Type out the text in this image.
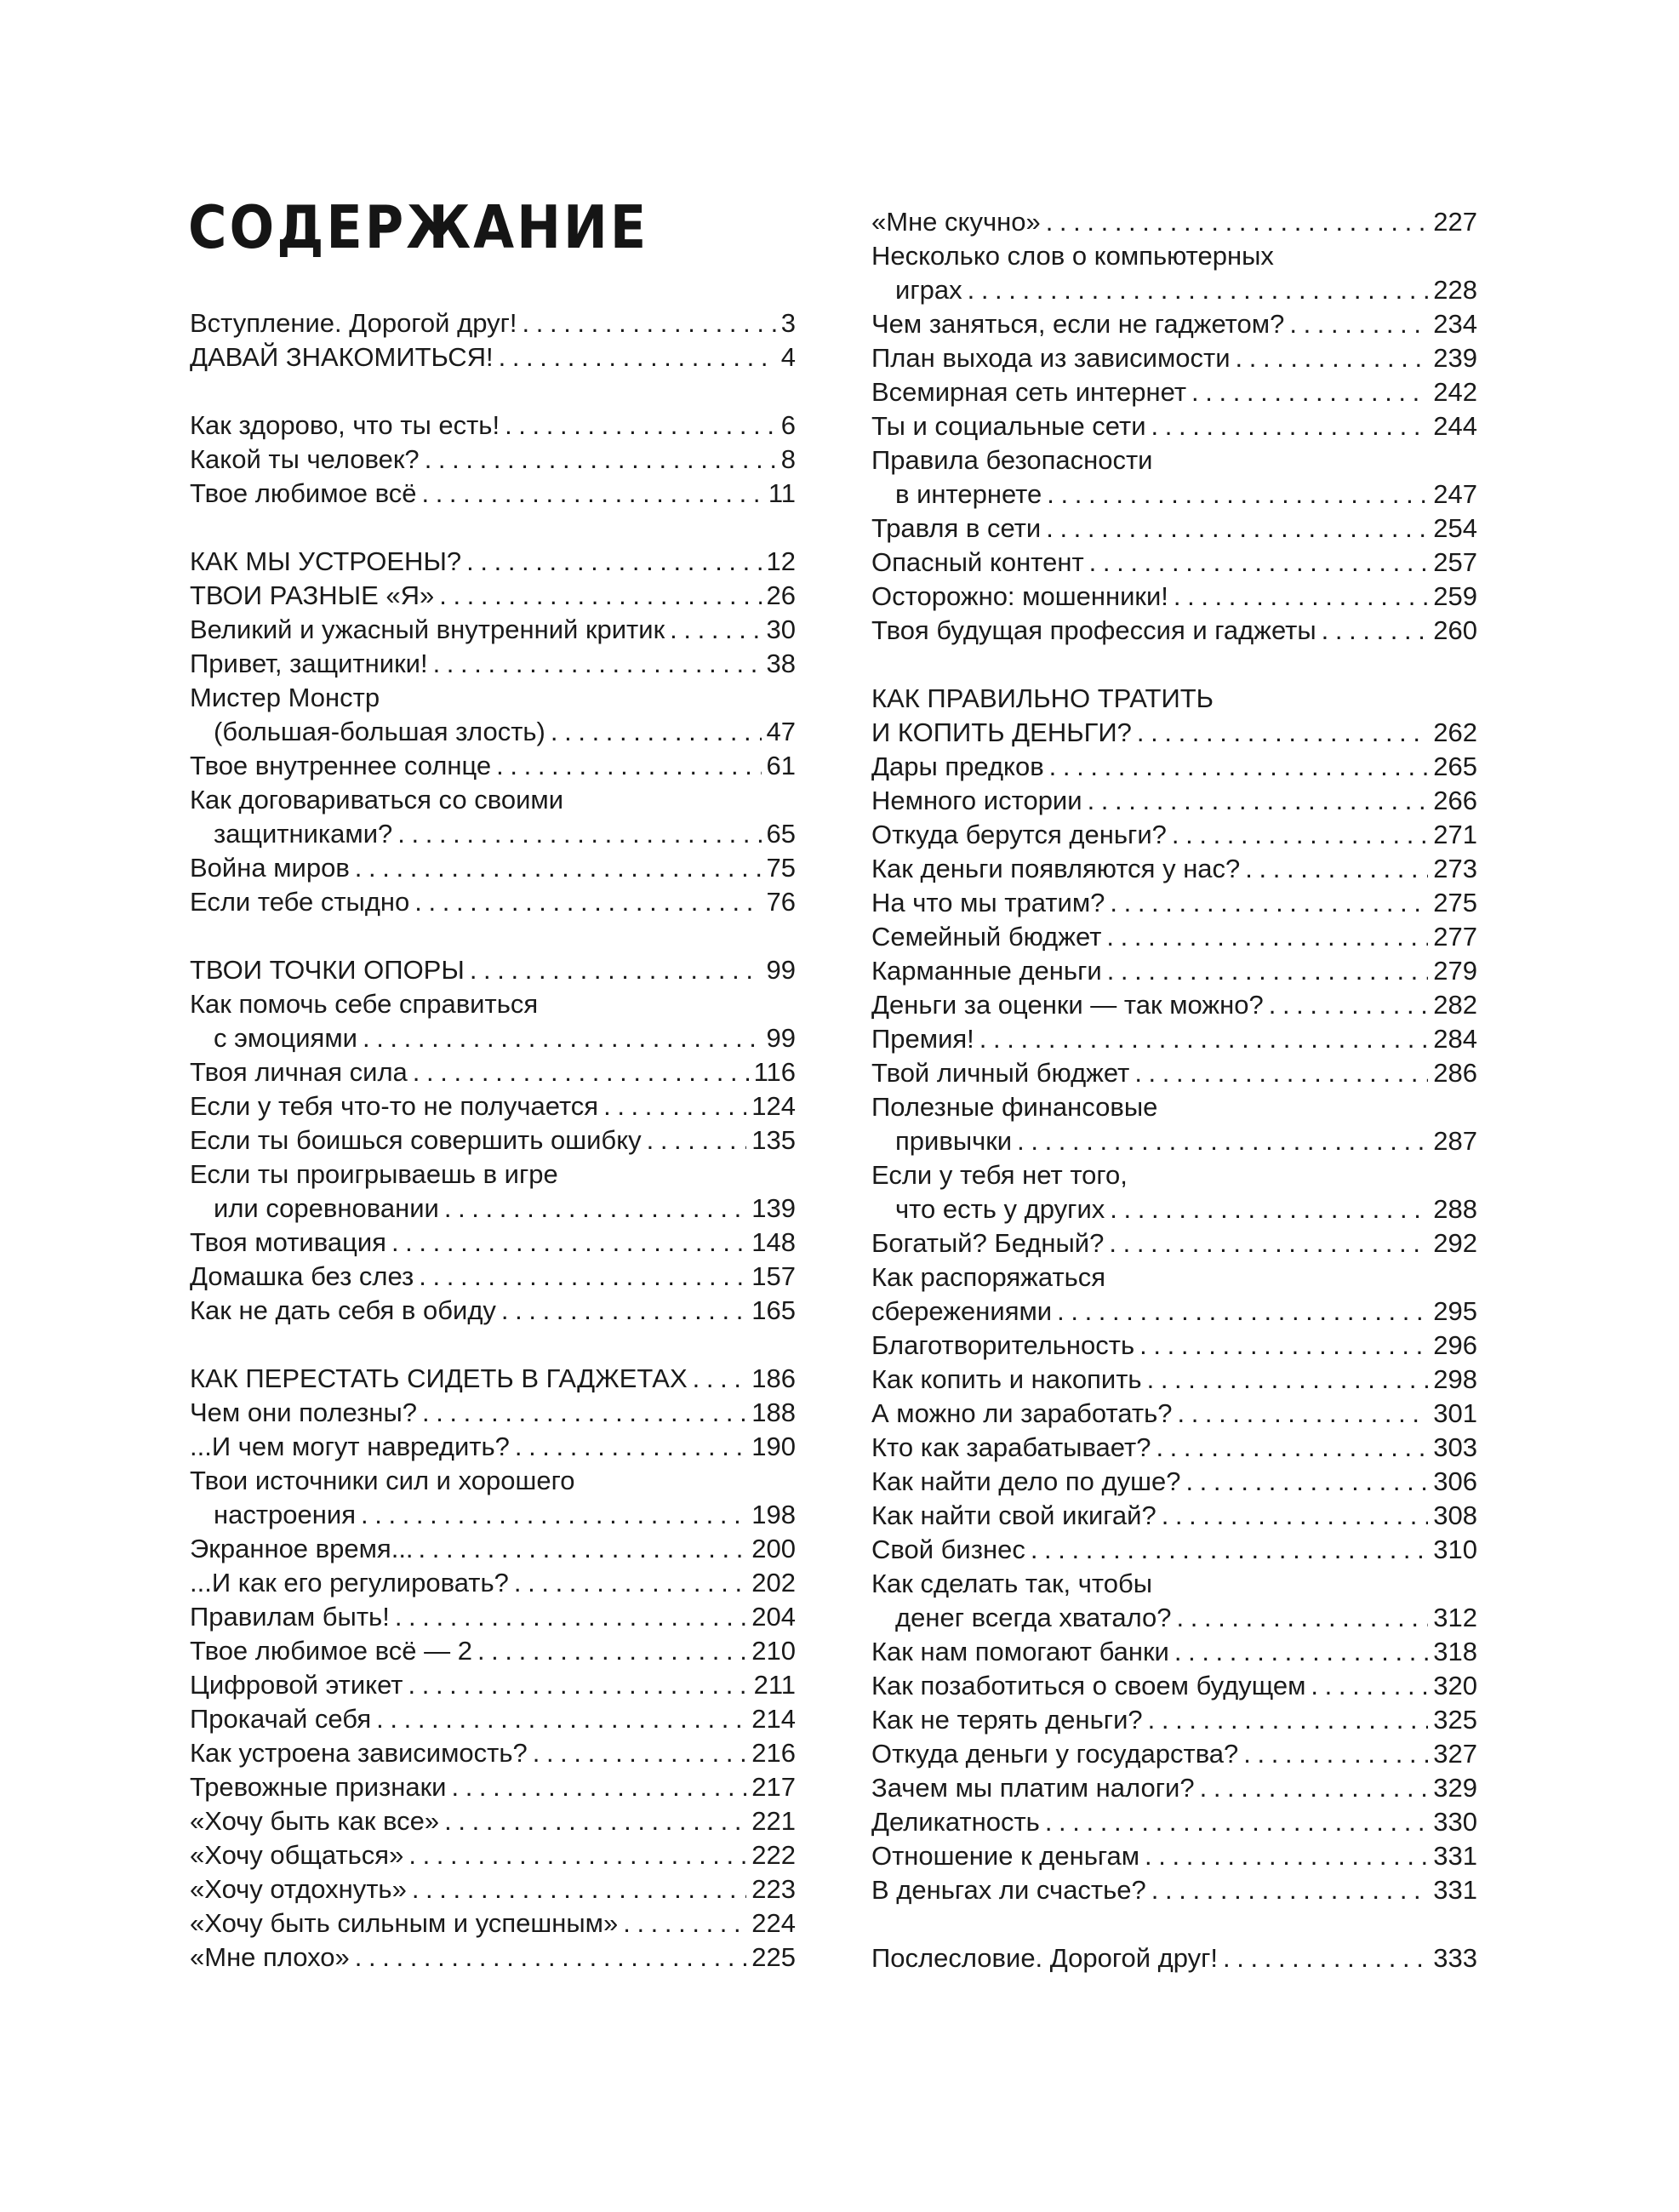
СОДЕРЖАНИЕ
Вступление. Дорогой друг! . . .	3
ДАВАЙ ЗНАКОМИТЬСЯ! . . .	4
Как здорово, что ты есть! . . .	6
Какой ты человек? . . .	8
Твое любимое всё . . .	11
КАК МЫ УСТРОЕНЫ? . . .	12
ТВОИ РАЗНЫЕ «Я» . . .	26
Великий и ужасный внутренний критик . . .	30
Привет, защитники! . . .	38
Мистер Монстр
(большая-большая злость) . . .	47
Твое внутреннее солнце . . .	61
Как договариваться со своими
защитниками? . . .	65
Война миров . . .	75
Если тебе стыдно . . .	76
ТВОИ ТОЧКИ ОПОРЫ . . .	99
Как помочь себе справиться
с эмоциями . . .	99
Твоя личная сила . . .	116
Если у тебя что-то не получается . . .	124
Если ты боишься совершить ошибку . . .	135
Если ты проигрываешь в игре
или соревновании . . .	139
Твоя мотивация . . .	148
Домашка без слез . . .	157
Как не дать себя в обиду . . .	165
КАК ПЕРЕСТАТЬ СИДЕТЬ В ГАДЖЕТАХ . . . 186
Чем они полезны? . . .	188
...И чем могут навредить? . . .	190
Твои источники сил и хорошего
настроения . . .	198
Экранное время... . . .	200
...И как его регулировать? . . .	202
Правилам быть! . . .	204
Твое любимое всё — 2 . . .	210
Цифровой этикет . . .	211
Прокачай себя . . .	214
Как устроена зависимость? . . .	216
Тревожные признаки . . .	217
«Хочу быть как все» . . .	221
«Хочу общаться» . . .	222
«Хочу отдохнуть» . . .	223
«Хочу быть сильным и успешным» . . .	224
«Мне плохо» . . .	225
«Мне скучно» . . .	227
Несколько слов о компьютерных
играх . . .	228
Чем заняться, если не гаджетом? . . .	234
План выхода из зависимости . . .	239
Всемирная сеть интернет . . .	242
Ты и социальные сети . . .	244
Правила безопасности
в интернете . . .	247
Травля в сети . . .	254
Опасный контент . . .	257
Осторожно: мошенники! . . .	259
Твоя будущая профессия и гаджеты . . .	260
КАК ПРАВИЛЬНО ТРАТИТЬ
И КОПИТЬ ДЕНЬГИ? . . .	262
Дары предков . . .	265
Немного истории . . .	266
Откуда берутся деньги? . . .	271
Как деньги появляются у нас? . . .	273
На что мы тратим? . . .	275
Семейный бюджет . . .	277
Карманные деньги . . .	279
Деньги за оценки — так можно? . . .	282
Премия! . . .	284
Твой личный бюджет . . .	286
Полезные финансовые
привычки . . .	287
Если у тебя нет того,
что есть у других . . .	288
Богатый? Бедный? . . .	292
Как распоряжаться
сбережениями . . .	295
Благотворительность . . .	296
Как копить и накопить . . .	298
А можно ли заработать? . . .	301
Кто как зарабатывает? . . .	303
Как найти дело по душе? . . .	306
Как найти свой икигай? . . .	308
Свой бизнес . . .	310
Как сделать так, чтобы
денег всегда хватало? . . .	312
Как нам помогают банки . . .	318
Как позаботиться о своем будущем . . .	320
Как не терять деньги? . . .	325
Откуда деньги у государства? . . .	327
Зачем мы платим налоги? . . .	329
Деликатность . . .	330
Отношение к деньгам . . .	331
В деньгах ли счастье? . . .	331
Послесловие. Дорогой друг! . . .	333
